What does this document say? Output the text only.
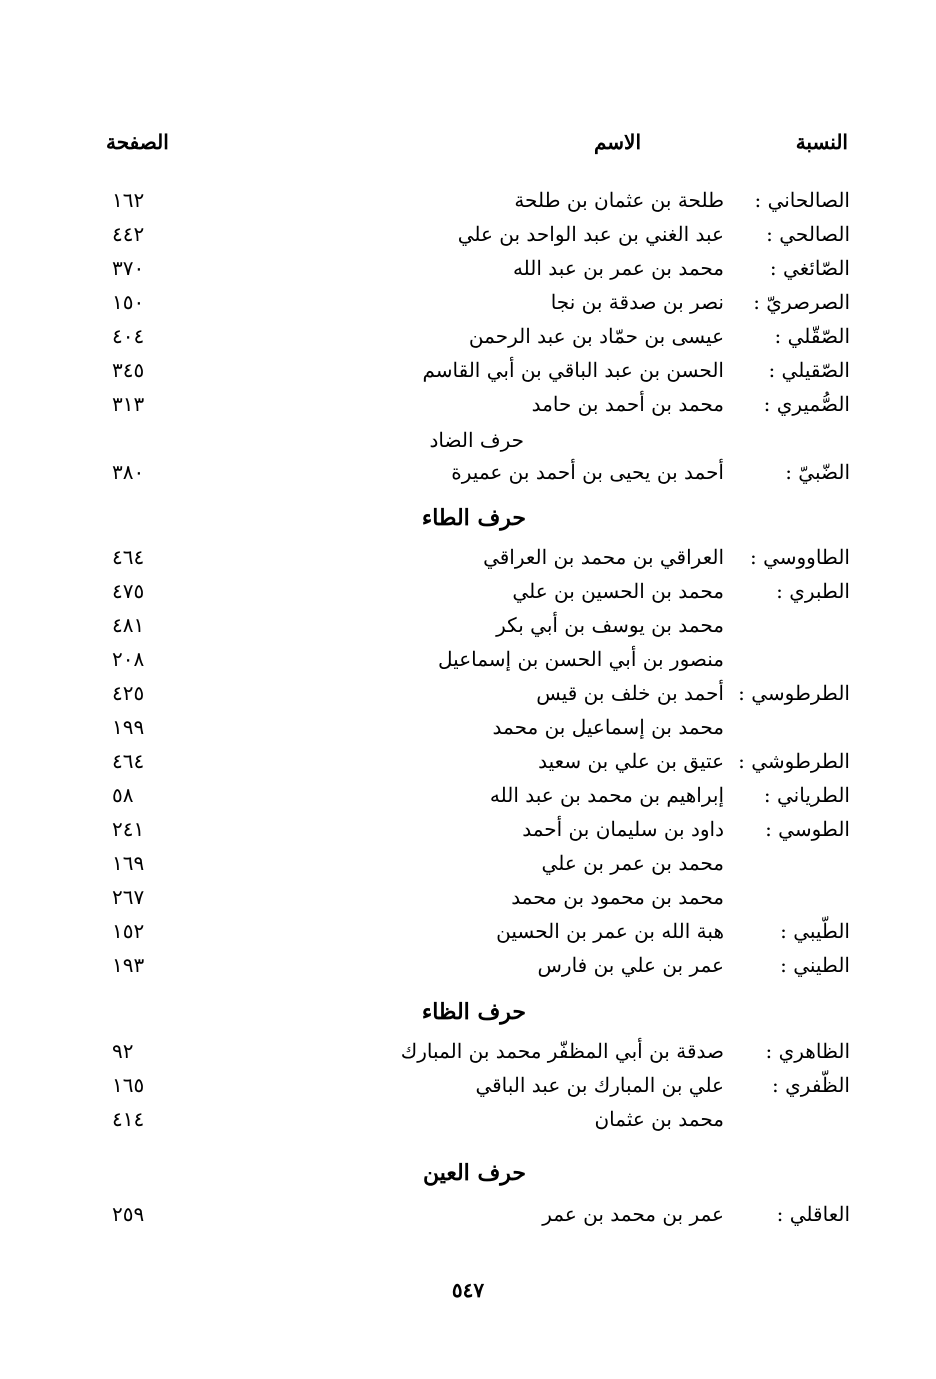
النسبة
الاسم
الصفحة
الصالحاني :
طلحة بن عثمان بن طلحة
١٦٢
الصالحي :
عبد الغني بن عبد الواحد بن علي
٤٤٢
الصّائغي :
محمد بن عمر بن عبد الله
٣٧٠
الصرصريّ :
نصر بن صدقة بن نجا
١٥٠
الصّقّلي :
عيسى بن حمّاد بن عبد الرحمن
٤٠٤
الصّقيلي :
الحسن بن عبد الباقي بن أبي القاسم
٣٤٥
الصُّميري :
محمد بن أحمد بن حامد
٣١٣
حرف الضاد
الضّبيّ :
أحمد بن يحيى بن أحمد بن عميرة
٣٨٠
حرف الطاء
الطاووسي :
العراقي بن محمد بن العراقي
٤٦٤
الطبري :
محمد بن الحسين بن علي
٤٧٥
محمد بن يوسف بن أبي بكر
٤٨١
منصور بن أبي الحسن بن إسماعيل
٢٠٨
الطرطوسي :
أحمد بن خلف بن قيس
٤٢٥
محمد بن إسماعيل بن محمد
١٩٩
الطرطوشي :
عتيق بن علي بن سعيد
٤٦٤
الطرياني :
إبراهيم بن محمد بن عبد الله
٥٨
الطوسي :
داود بن سليمان بن أحمد
٢٤١
محمد بن عمر بن علي
١٦٩
محمد بن محمود بن محمد
٢٦٧
الطّيبي :
هبة الله بن عمر بن الحسين
١٥٢
الطيني :
عمر بن علي بن فارس
١٩٣
حرف الظاء
الظاهري :
صدقة بن أبي المظفّر محمد بن المبارك
٩٢
الظّفري :
علي بن المبارك بن عبد الباقي
١٦٥
محمد بن عثمان
٤١٤
حرف العين
العاقلي :
عمر بن محمد بن عمر
٢٥٩
٥٤٧
